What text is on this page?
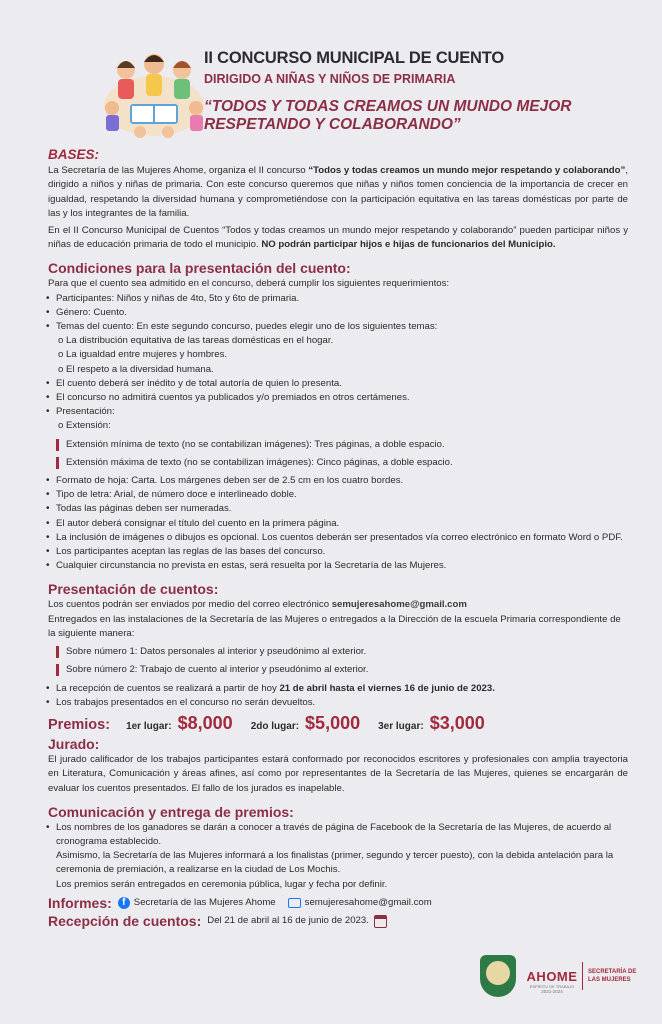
II CONCURSO MUNICIPAL DE CUENTO
DIRIGIDO A NIÑAS Y NIÑOS DE PRIMARIA
“TODOS Y TODAS CREAMOS UN MUNDO MEJOR
RESPETANDO Y COLABORANDO”
BASES:

La Secretaría de las Mujeres Ahome, organiza el II concurso “Todos y todas creamos un mundo mejor respetando y colaborando”, dirigido a niños y niñas de primaria. Con este concurso queremos que niñas y niños tomen conciencia de la importancia de crecer en igualdad, respetando la diversidad humana y comprometiéndose con la participación equitativa en las tareas domésticas por parte de las y los integrantes de la familia.

En el II Concurso Municipal de Cuentos “Todos y todas creamos un mundo mejor respetando y colaborando” pueden participar niños y niñas de educación primaria de todo el municipio. NO podrán participar hijos e hijas de funcionarios del Municipio.

Condiciones para la presentación del cuento:
Para que el cuento sea admitido en el concurso, deberá cumplir los siguientes requerimientos:
• Participantes: Niños y niñas de 4to, 5to y 6to de primaria.
• Género: Cuento.
• Temas del cuento: En este segundo concurso, puedes elegir uno de los siguientes temas:
o La distribución equitativa de las tareas domésticas en el hogar.
o La igualdad entre mujeres y hombres.
o El respeto a la diversidad humana.
• El cuento deberá ser inédito y de total autoría de quien lo presenta.
• El concurso no admitirá cuentos ya publicados y/o premiados en otros certámenes.
• Presentación:
o Extensión:
Extensión mínima de texto (no se contabilizan imágenes): Tres páginas, a doble espacio.
Extensión máxima de texto (no se contabilizan imágenes): Cinco páginas, a doble espacio.
• Formato de hoja: Carta. Los márgenes deben ser de 2.5 cm en los cuatro bordes.
• Tipo de letra: Arial, de número doce e interlineado doble.
• Todas las páginas deben ser numeradas.
• El autor deberá consignar el título del cuento en la primera página.
• La inclusión de imágenes o dibujos es opcional. Los cuentos deberán ser presentados vía correo electrónico en formato Word o PDF.
• Los participantes aceptan las reglas de las bases del concurso.
• Cualquier circunstancia no prevista en estas, será resuelta por la Secretaría de las Mujeres.
Presentación de cuentos:
Los cuentos podrán ser enviados por medio del correo electrónico semujeresahome@gmail.com
Entregados en las instalaciones de la Secretaría de las Mujeres o entregados a la Dirección de la escuela Primaria correspondiente de la siguiente manera:
Sobre número 1: Datos personales al interior y pseudónimo al exterior.
Sobre número 2: Trabajo de cuento al interior y pseudónimo al exterior.
• La recepción de cuentos se realizará a partir de hoy 21 de abril hasta el viernes 16 de junio de 2023.
• Los trabajos presentados en el concurso no serán devueltos.
Premios: 1er lugar: $8,000 2do lugar: $5,000 3er lugar: $3,000
Jurado:

El jurado calificador de los trabajos participantes estará conformado por reconocidos escritores y profesionales con amplia trayectoria en Literatura, Comunicación y áreas afines, así como por representantes de la Secretaría de las Mujeres, quienes se encargarán de evaluar los cuentos presentados. El fallo de los jurados es inapelable.

Comunicación y entrega de premios:
• Los nombres de los ganadores se darán a conocer a través de página de Facebook de la Secretaría de las Mujeres, de acuerdo al cronograma establecido.
Asimismo, la Secretaría de las Mujeres informará a los finalistas (primer, segundo y tercer puesto), con la debida antelación para la ceremonia de premiación, a realizarse en la ciudad de Los Mochis.
Los premios serán entregados en ceremonia pública, lugar y fecha por definir.
Informes:	f Secretaría de las Mujeres Ahome	semujeresahome@gmail.com
Recepción de cuentos: Del 21 de abril al 16 de junio de 2023.
AHOME
ESPÍRITU DE TRABAJO
2021-2024
SECRETARÍA DE
LAS MUJERES
